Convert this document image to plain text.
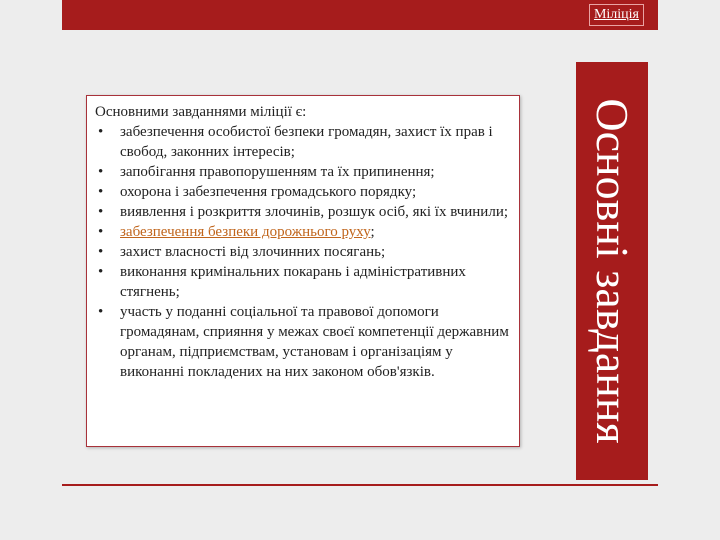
Міліція
Основними завданнями міліції є:
• забезпечення особистої безпеки громадян, захист їх прав і свобод, законних інтересів;
• запобігання правопорушенням та їх припинення;
• охорона і забезпечення громадського порядку;
• виявлення і розкриття злочинів, розшук осіб, які їх вчинили;
• забезпечення безпеки дорожнього руху;
• захист власності від злочинних посягань;
• виконання кримінальних покарань і адміністративних стягнень;
• участь у поданні соціальної та правової допомоги громадянам, сприяння у межах своєї компетенції державним органам, підприємствам, установам і організаціям у виконанні покладених на них законом обов'язків.	Основні завдання
